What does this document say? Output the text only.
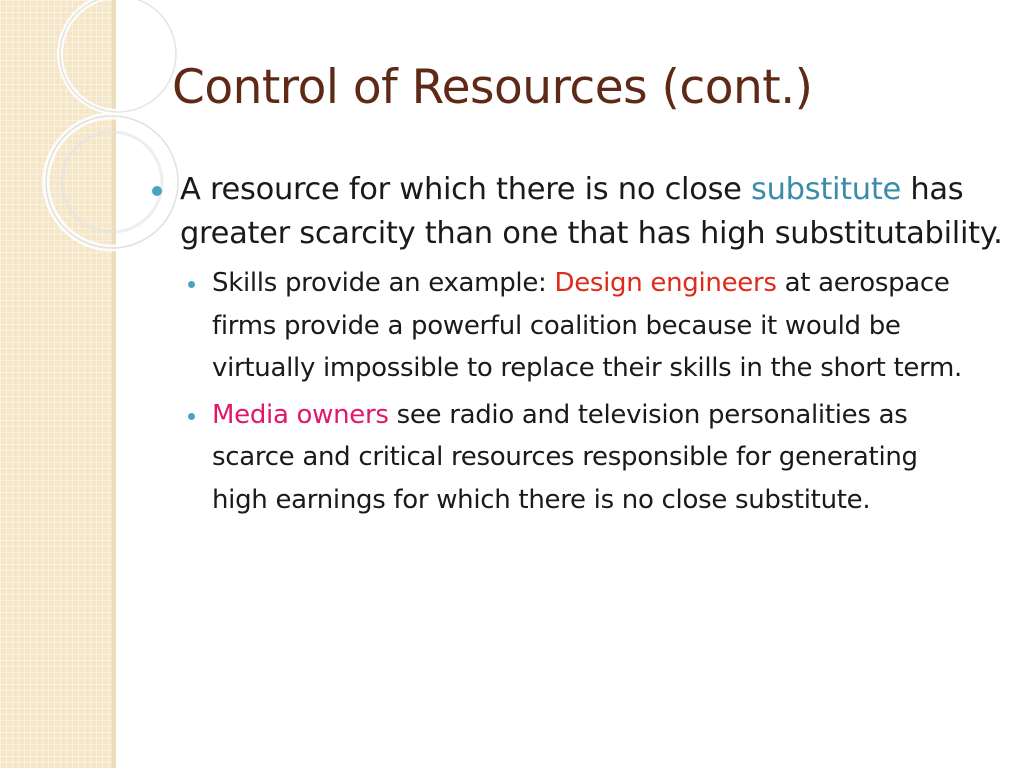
Control of Resources (cont.)
A resource for which there is no close substitute has greater scarcity than one that has high substitutability.
Skills provide an example: Design engineers at aerospace firms provide a powerful coalition because it would be virtually impossible to replace their skills in the short term.
Media owners see radio and television personalities as scarce and critical resources responsible for generating high earnings for which there is no close substitute.
